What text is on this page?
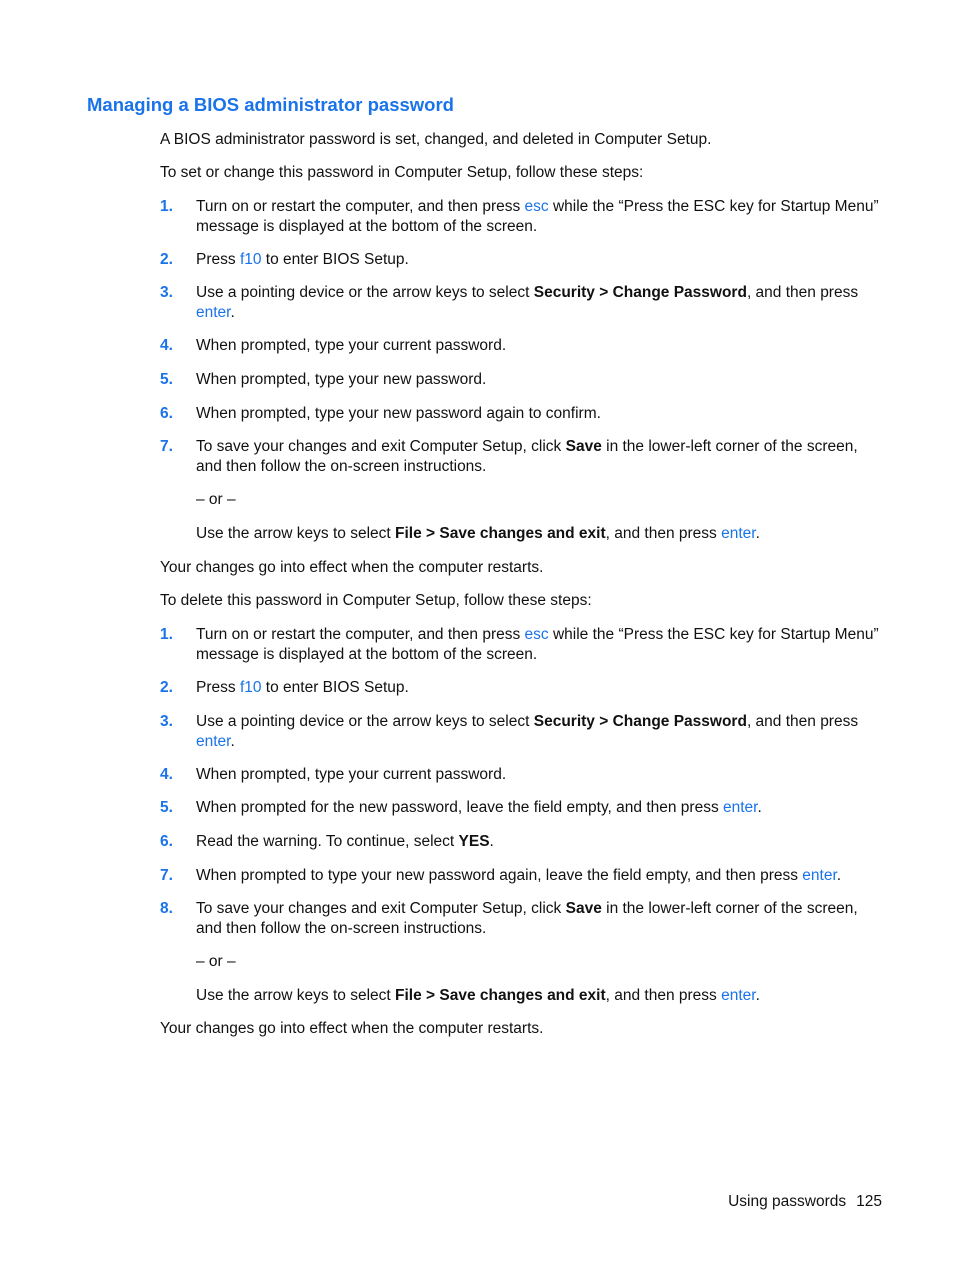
Managing a BIOS administrator password

A BIOS administrator password is set, changed, and deleted in Computer Setup.

To set or change this password in Computer Setup, follow these steps:

1. Turn on or restart the computer, and then press esc while the “Press the ESC key for Startup Menu” message is displayed at the bottom of the screen.
2. Press f10 to enter BIOS Setup.
3. Use a pointing device or the arrow keys to select Security > Change Password, and then press enter.
4. When prompted, type your current password.
5. When prompted, type your new password.
6. When prompted, type your new password again to confirm.
7. To save your changes and exit Computer Setup, click Save in the lower-left corner of the screen, and then follow the on-screen instructions.

– or –

Use the arrow keys to select File > Save changes and exit, and then press enter.

Your changes go into effect when the computer restarts.

To delete this password in Computer Setup, follow these steps:

1. Turn on or restart the computer, and then press esc while the “Press the ESC key for Startup Menu” message is displayed at the bottom of the screen.
2. Press f10 to enter BIOS Setup.
3. Use a pointing device or the arrow keys to select Security > Change Password, and then press enter.
4. When prompted, type your current password.
5. When prompted for the new password, leave the field empty, and then press enter.
6. Read the warning. To continue, select YES.
7. When prompted to type your new password again, leave the field empty, and then press enter.
8. To save your changes and exit Computer Setup, click Save in the lower-left corner of the screen, and then follow the on-screen instructions.

– or –

Use the arrow keys to select File > Save changes and exit, and then press enter.

Your changes go into effect when the computer restarts.

Using passwords 125
